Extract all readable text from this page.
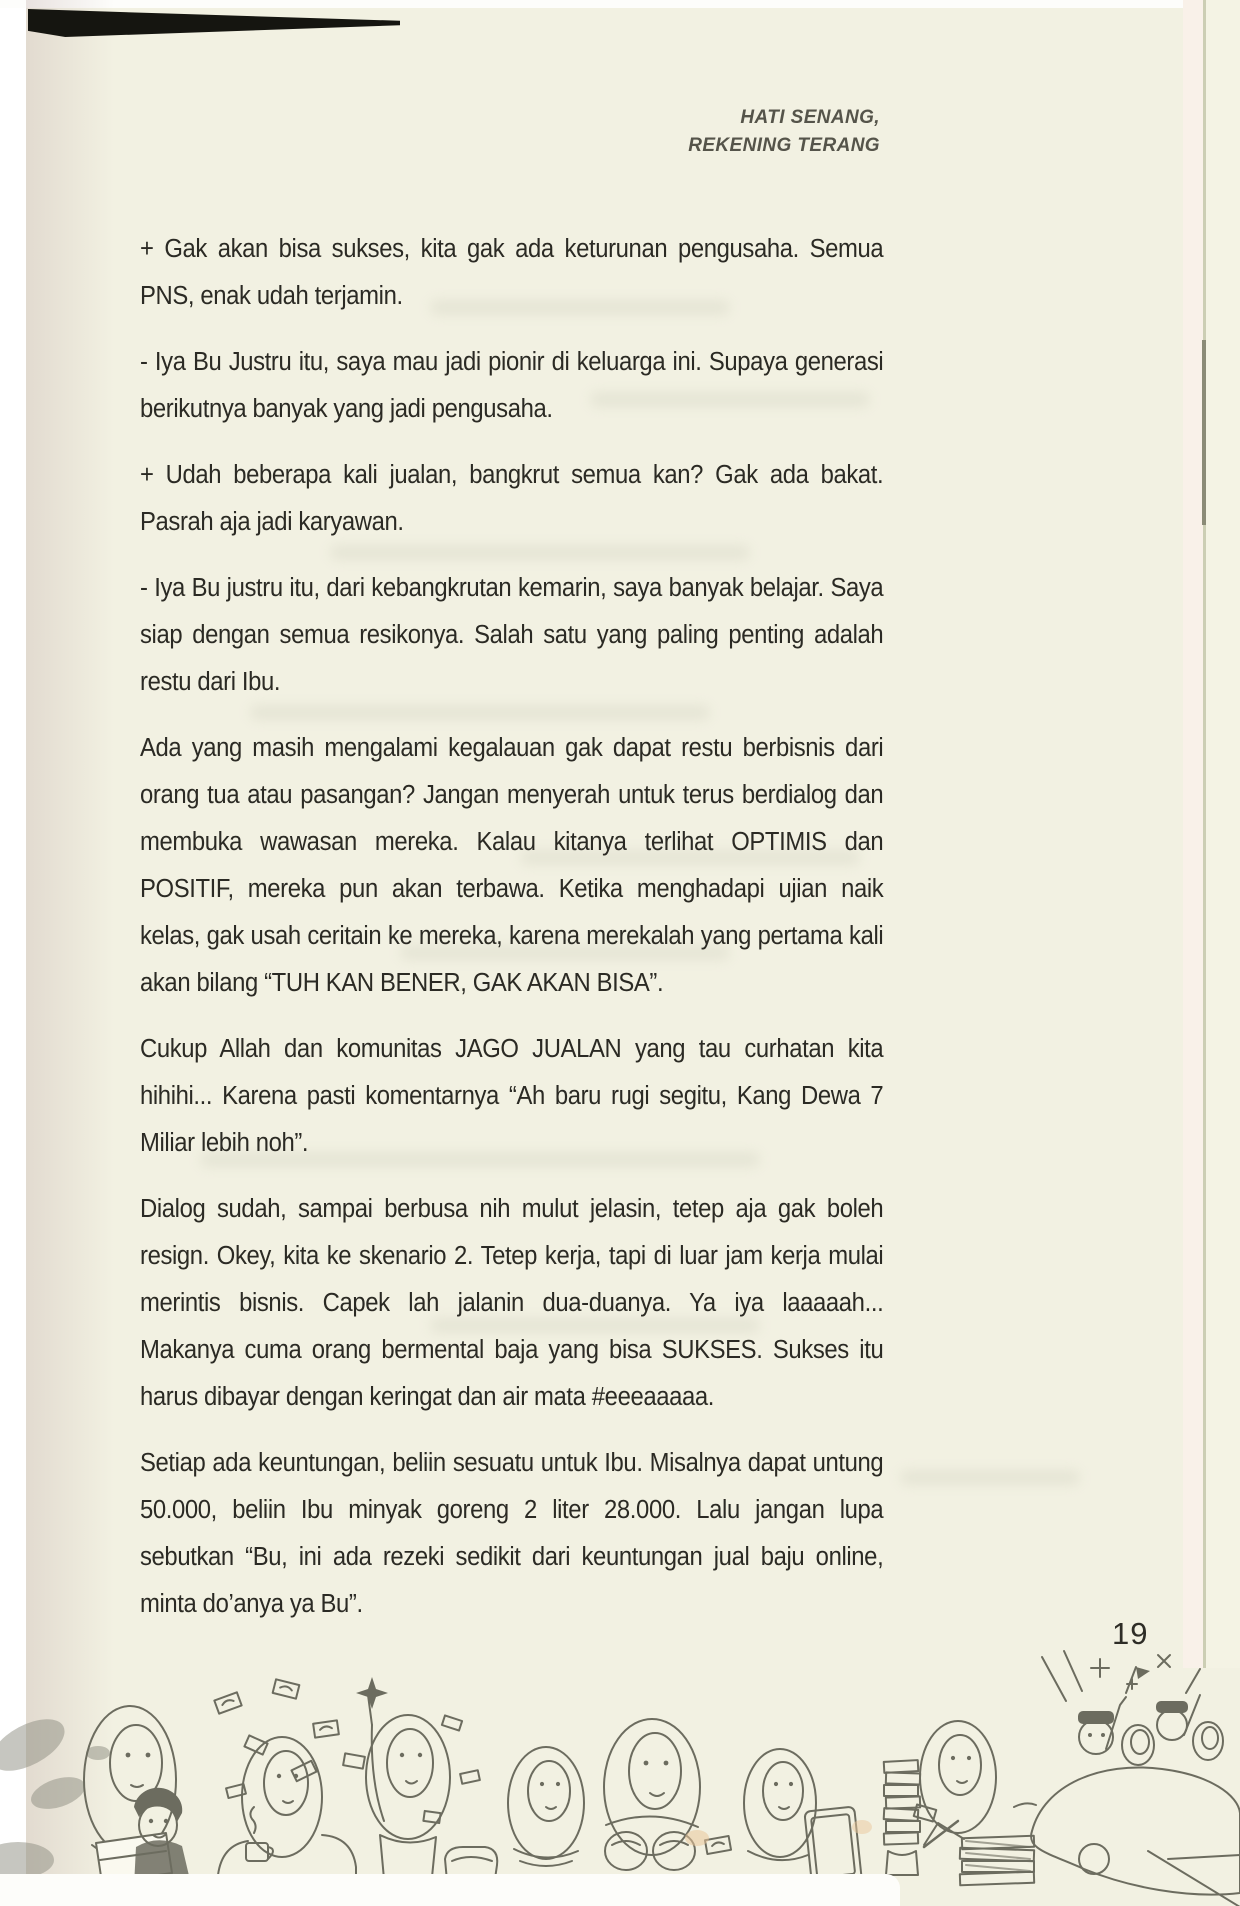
HATI SENANG,
REKENING TERANG

+ Gak akan bisa sukses, kita gak ada keturunan pengusaha. Semua PNS, enak udah terjamin.

- Iya Bu Justru itu, saya mau jadi pionir di keluarga ini. Supaya generasi berikutnya banyak yang jadi pengusaha.

+ Udah beberapa kali jualan, bangkrut semua kan? Gak ada bakat. Pasrah aja jadi karyawan.

- Iya Bu justru itu, dari kebangkrutan kemarin, saya banyak belajar. Saya siap dengan semua resikonya. Salah satu yang paling penting adalah restu dari Ibu.

Ada yang masih mengalami kegalauan gak dapat restu berbisnis dari orang tua atau pasangan? Jangan menyerah untuk terus berdialog dan membuka wawasan mereka. Kalau kitanya terlihat OPTIMIS dan POSITIF, mereka pun akan terbawa. Ketika menghadapi ujian naik kelas, gak usah ceritain ke mereka, karena merekalah yang pertama kali akan bilang “TUH KAN BENER, GAK AKAN BISA”.

Cukup Allah dan komunitas JAGO JUALAN yang tau curhatan kita hihihi... Karena pasti komentarnya “Ah baru rugi segitu, Kang Dewa 7 Miliar lebih noh”.

Dialog sudah, sampai berbusa nih mulut jelasin, tetep aja gak boleh resign. Okey, kita ke skenario 2. Tetep kerja, tapi di luar jam kerja mulai merintis bisnis. Capek lah jalanin dua-duanya. Ya iya laaaaah... Makanya cuma orang bermental baja yang bisa SUKSES. Sukses itu harus dibayar dengan keringat dan air mata #eeeaaaaa.

Setiap ada keuntungan, beliin sesuatu untuk Ibu. Misalnya dapat untung 50.000, beliin Ibu minyak goreng 2 liter 28.000. Lalu jangan lupa sebutkan “Bu, ini ada rezeki sedikit dari keuntungan jual baju online, minta do’anya ya Bu”.

19
